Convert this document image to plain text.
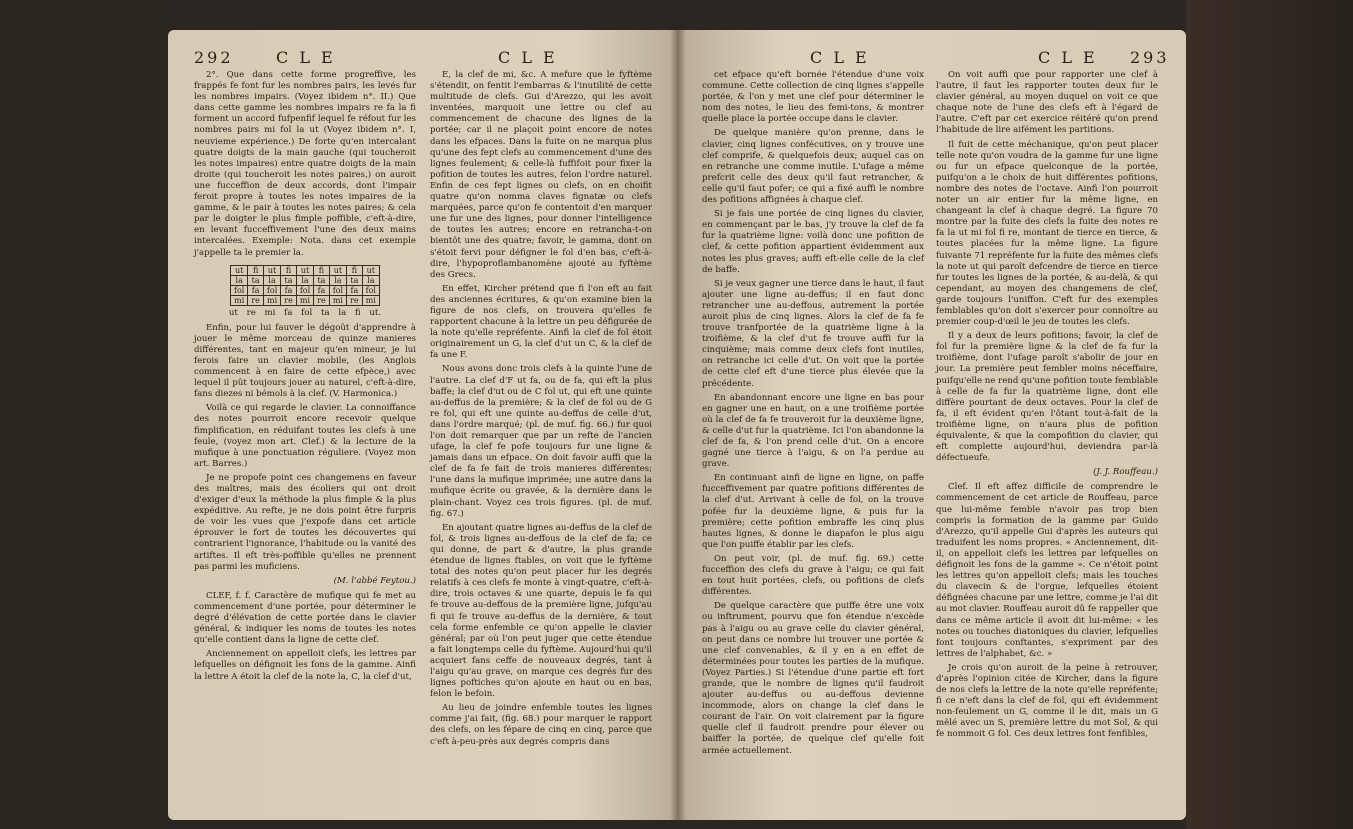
292	C L E	C L E

2°. Que dans cette forme progreffive, les frappés fe font fur les nombres pairs, les levés fur les nombres impairs. (Voyez ibidem n°. II.) Que dans cette gamme les nombres impairs re fa la fi forment un accord fufpenfif lequel fe réfout fur les nombres pairs mi fol la ut (Voyez ibidem n°. I, neuvieme expérience.) De forte qu'en intercalant quatre doigts de la main gauche (qui toucheroit les notes impaires) entre quatre doigts de la main droite (qui toucheroit les notes paires,) on auroit une fucceffion de deux accords, dont l'impair feroit propre à toutes les notes impaires de la gamme, & le pair à toutes les notes paires; & cela par le doigter le plus fimple poffible, c'eft-à-dire, en levant fucceffivement l'une des deux mains intercalées. Exemple: Nota. dans cet exemple j'appelle ta le premier la.

ut	fi	ut	fi	ut	fi	ut	fi	ut
la	ta	la	ta	la	ta	la	ta	la
fol	fa	fol	fa	fol	fa	fol	fa	fol
mi	re	mi	re	mi	re	mi	re	mi
ut re mi fa fol ta la fi ut.

Enfin, pour lui fauver le dégoût d'apprendre à jouer le même morceau de quinze manieres différentes, tant en majeur qu'en mineur, je lui ferois faire un clavier mobile, (les Anglois commencent à en faire de cette efpèce,) avec lequel il pût toujours jouer au naturel, c'eft-à-dire, fans diezes ni bémols à la clef. (V. Harmonica.)

Voilà ce qui regarde le clavier. La connoiffance des notes pourroit encore recevoir quelque fimplification, en réduifant toutes les clefs à une feule, (voyez mon art. Clef.) & la lecture de la mufique à une ponctuation réguliere. (Voyez mon art. Barres.)

Je ne propofe point ces changemens en faveur des maîtres, mais des écoliers qui ont droit d'exiger d'eux la méthode la plus fimple & la plus expéditive. Au refte, je ne dois point être furpris de voir les vues que j'expofe dans cet article éprouver le fort de toutes les découvertes qui contrarient l'ignorance, l'habitude ou la vanité des artiftes. Il eft très-poffible qu'elles ne prennent pas parmi les muficiens.

(M. l'abbé Feytou.)

CLEF, f. f. Caractère de mufique qui fe met au commencement d'une portée, pour déterminer le degré d'élévation de cette portée dans le clavier général, & indiquer les noms de toutes les notes qu'elle contient dans la ligne de cette clef.

Anciennement on appelloit clefs, les lettres par lefquelles on défignoit les fons de la gamme. Ainfi la lettre A étoit la clef de la note la, C, la clef d'ut,

E, la clef de mi, &c. A mefure que le fyftème s'étendit, on fentit l'embarras & l'inutilité de cette multitude de clefs. Gui d'Arezzo, qui les avoit inventées, marquoit une lettre ou clef au commencement de chacune des lignes de la portée; car il ne plaçoit point encore de notes dans les efpaces. Dans la fuite on ne marqua plus qu'une des fept clefs au commencement d'une des lignes feulement; & celle-là fuffifoit pour fixer la pofition de toutes les autres, felon l'ordre naturel. Enfin de ces fept lignes ou clefs, on en choifit quatre qu'on nomma claves fignatæ ou clefs marquées, parce qu'on fe contentoit d'en marquer une fur une des lignes, pour donner l'intelligence de toutes les autres; encore en retrancha-t-on bientôt une des quatre; favoir, le gamma, dont on s'étoit fervi pour défigner le fol d'en bas, c'eft-à-dire, l'hypoproflambanomène ajouté au fyftème des Grecs.

En effet, Kircher prétend que fi l'on eft au fait des anciennes écritures, & qu'on examine bien la figure de nos clefs, on trouvera qu'elles fe rapportent chacune à la lettre un peu défigurée de la note qu'elle repréfente. Ainfi la clef de fol étoit originairement un G, la clef d'ut un C, & la clef de fa une F.

Nous avons donc trois clefs à la quinte l'une de l'autre. La clef d'F ut fa, ou de fa, qui eft la plus baffe; la clef d'ut ou de C fol ut, qui eft une quinte au-deffus de la première; & la clef de fol ou de G re fol, qui eft une quinte au-deffus de celle d'ut, dans l'ordre marqué; (pl. de muf. fig. 66.) fur quoi l'on doit remarquer que par un refte de l'ancien ufage, la clef fe pofe toujours fur une ligne & jamais dans un efpace. On doit favoir auffi que la clef de fa fe fait de trois manieres différentes; l'une dans la mufique imprimée; une autre dans la mufique écrite ou gravée, & la dernière dans le plain-chant. Voyez ces trois figures. (pl. de muf. fig. 67.)

En ajoutant quatre lignes au-deffus de la clef de fol, & trois lignes au-deffous de la clef de fa; ce qui donne, de part & d'autre, la plus grande étendue de lignes ftables, on voit que le fyftème total des notes qu'on peut placer fur les degrés relatifs à ces clefs fe monte à vingt-quatre, c'eft-à-dire, trois octaves & une quarte, depuis le fa qui fe trouve au-deffous de la première ligne, jufqu'au fi qui fe trouve au-deffus de la dernière, & tout cela forme enfemble ce qu'on appelle le clavier général; par où l'on peut juger que cette étendue a fait longtemps celle du fyftème. Aujourd'hui qu'il acquiert fans ceffe de nouveaux degrés, tant à l'aigu qu'au grave, on marque ces degrés fur des lignes poftiches qu'on ajoute en haut ou en bas, felon le befoin.

Au lieu de joindre enfemble toutes les lignes comme j'ai fait, (fig. 68.) pour marquer le rapport des clefs, on les fépare de cinq en cinq, parce que c'eft à-peu-près aux degrés compris dans

C L E	C L E 293

cet efpace qu'eft bornée l'étendue d'une voix commune. Cette collection de cinq lignes s'appelle portée, & l'on y met une clef pour déterminer le nom des notes, le lieu des femi-tons, & montrer quelle place la portée occupe dans le clavier.

De quelque manière qu'on prenne, dans le clavier, cinq lignes confécutives, on y trouve une clef comprife, & quelquefois deux; auquel cas on en retranche une comme inutile. L'ufage a même prefcrit celle des deux qu'il faut retrancher, & celle qu'il faut pofer; ce qui a fixé auffi le nombre des pofitions affignées à chaque clef.

Si je fais une portée de cinq lignes du clavier, en commençant par le bas, j'y trouve la clef de fa fur la quatrième ligne: voilà donc une pofition de clef, & cette pofition appartient évidemment aux notes les plus graves; auffi eft-elle celle de la clef de baffe.

Si je veux gagner une tierce dans le haut, il faut ajouter une ligne au-deffus; il en faut donc retrancher une au-deffous, autrement la portée auroit plus de cinq lignes. Alors la clef de fa fe trouve tranfportée de la quatrième ligne à la troifième, & la clef d'ut fe trouve auffi fur la cinquième; mais comme deux clefs font inutiles, on retranche ici celle d'ut. On voit que la portée de cette clef eft d'une tierce plus élevée que la précédente.

En abandonnant encore une ligne en bas pour en gagner une en haut, on a une troifième portée où la clef de fa fe trouveroit fur la deuxième ligne, & celle d'ut fur la quatrième. Ici l'on abandonne la clef de fa, & l'on prend celle d'ut. On a encore gagné une tierce à l'aigu, & on l'a perdue au grave.

En continuant ainfi de ligne en ligne, on paffe fucceffivement par quatre pofitions différentes de la clef d'ut. Arrivant à celle de fol, on la trouve pofée fur la deuxième ligne, & puis fur la première; cette pofition embraffe les cinq plus hautes lignes, & donne le diapafon le plus aigu que l'on puiffe établir par les clefs.

On peut voir, (pl. de muf. fig. 69.) cette fucceffion des clefs du grave à l'aigu; ce qui fait en tout huit portées, clefs, ou pofitions de clefs différentes.

De quelque caractère que puiffe être une voix ou inftrument, pourvu que fon étendue n'excède pas à l'aigu ou au grave celle du clavier général, on peut dans ce nombre lui trouver une portée & une clef convenables, & il y en a en effet de déterminées pour toutes les parties de la mufique. (Voyez Parties.) Si l'étendue d'une partie eft fort grande, que le nombre de lignes qu'il faudroit ajouter au-deffus ou au-deffous devienne incommode, alors on change la clef dans le courant de l'air. On voit clairement par la figure quelle clef il faudroit prendre pour élever ou baiffer la portée, de quelque clef qu'elle foit armée actuellement.

On voit auffi que pour rapporter une clef à l'autre, il faut les rapporter toutes deux fur le clavier général, au moyen duquel on voit ce que chaque note de l'une des clefs eft à l'égard de l'autre. C'eft par cet exercice réitéré qu'on prend l'habitude de lire aifément les partitions.

Il fuit de cette méchanique, qu'on peut placer telle note qu'on voudra de la gamme fur une ligne ou fur un efpace quelconque de la portée, puifqu'on a le choix de huit différentes pofitions, nombre des notes de l'octave. Ainfi l'on pourroit noter un air entier fur la même ligne, en changeant la clef à chaque degré. La figure 70 montre par la fuite des clefs la fuite des notes re fa la ut mi fol fi re, montant de tierce en tierce, & toutes placées fur la même ligne. La figure fuivante 71 repréfente fur la fuite des mêmes clefs la note ut qui paroît defcendre de tierce en tierce fur toutes les lignes de la portée, & au-delà, & qui cependant, au moyen des changemens de clef, garde toujours l'uniffon. C'eft fur des exemples femblables qu'on doit s'exercer pour connoître au premier coup-d'œil le jeu de toutes les clefs.

Il y a deux de leurs pofitions; favoir, la clef de fol fur la première ligne & la clef de fa fur la troifième, dont l'ufage paroît s'abolir de jour en jour. La première peut fembler moins néceffaire, puifqu'elle ne rend qu'une pofition toute femblable à celle de fa fur la quatrième ligne, dont elle diffère pourtant de deux octaves. Pour la clef de fa, il eft évident qu'en l'ôtant tout-à-fait de la troifième ligne, on n'aura plus de pofition équivalente, & que la compofition du clavier, qui eft complette aujourd'hui, deviendra par-là défectueufe.

(J. J. Rouffeau.)

Clef. Il eft affez difficile de comprendre le commencement de cet article de Rouffeau, parce que lui-même femble n'avoir pas trop bien compris la formation de la gamme par Guido d'Arezzo, qu'il appelle Gui d'après les auteurs qui traduifent les noms propres. « Anciennement, dit-il, on appelloit clefs les lettres par lefquelles on défignoit les fons de la gamme ». Ce n'étoit point les lettres qu'on appelloit clefs; mais les touches du clavecin & de l'orgue, lefquelles étoient défignées chacune par une lettre, comme je l'ai dit au mot clavier. Rouffeau auroit dû fe rappeller que dans ce même article il avoit dit lui-même: « les notes ou touches diatoniques du clavier, lefquelles font toujours conftantes, s'expriment par des lettres de l'alphabet, &c. »

Je crois qu'on auroit de la peine à retrouver, d'après l'opinion citée de Kircher, dans la figure de nos clefs la lettre de la note qu'elle repréfente; fi ce n'eft dans la clef de fol, qui eft évidemment non-feulement un G, comme il le dit, mais un G mêlé avec un S, première lettre du mot Sol, & qui fe nommoit G fol. Ces deux lettres font fenfibles,
